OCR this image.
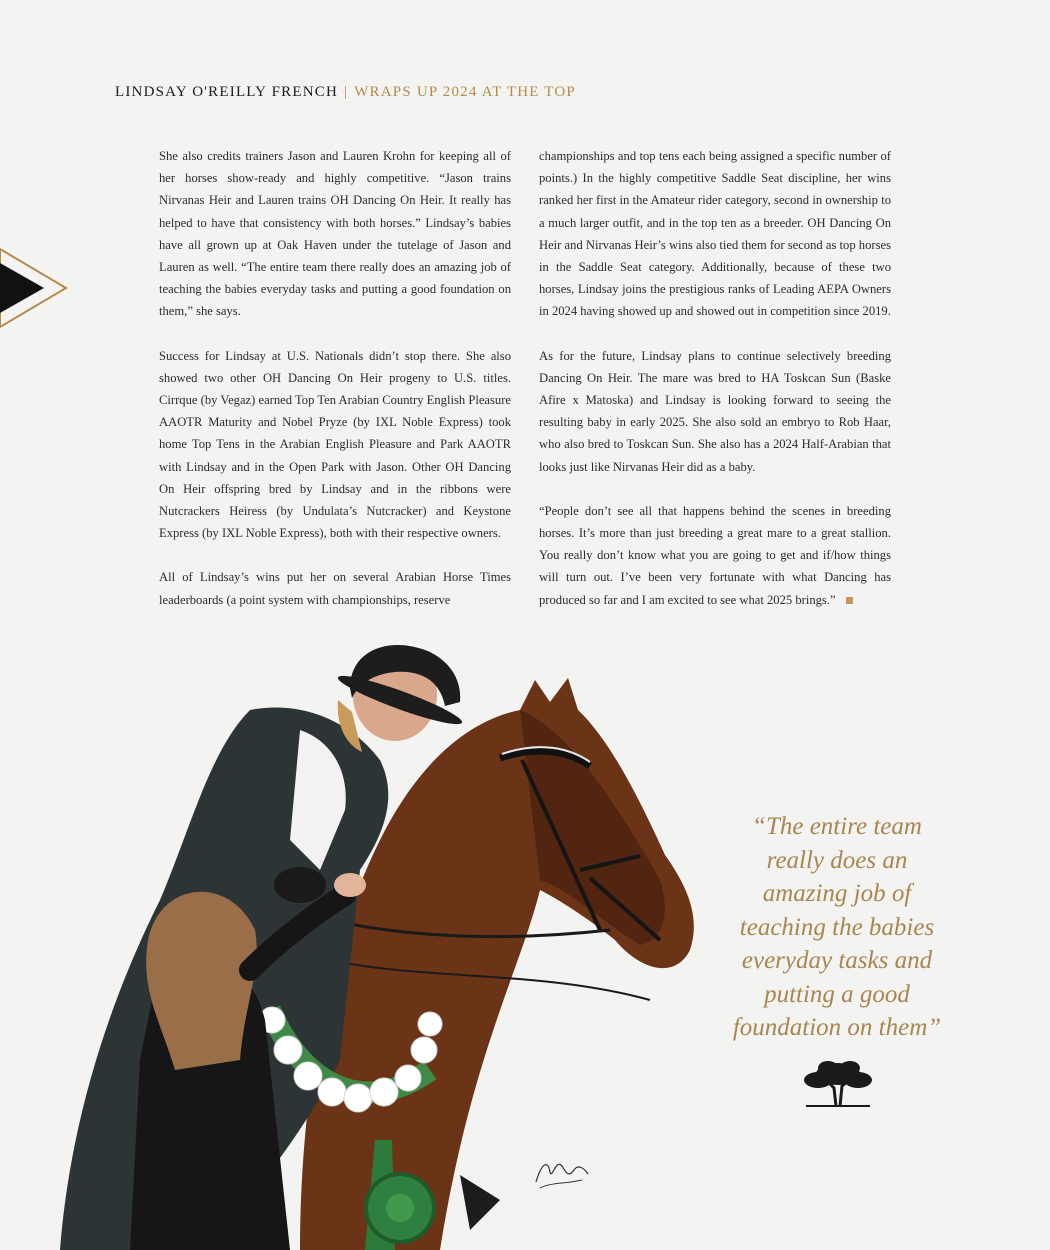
LINDSAY O'REILLY FRENCH | WRAPS UP 2024 AT THE TOP

She also credits trainers Jason and Lauren Krohn for keeping all of her horses show-ready and highly competitive. “Jason trains Nirvanas Heir and Lauren trains OH Dancing On Heir. It really has helped to have that consistency with both horses.” Lindsay’s babies have all grown up at Oak Haven under the tutelage of Jason and Lauren as well. “The entire team there really does an amazing job of teaching the babies everyday tasks and putting a good foundation on them,” she says.

Success for Lindsay at U.S. Nationals didn’t stop there. She also showed two other OH Dancing On Heir progeny to U.S. titles. Cirrque (by Vegaz) earned Top Ten Arabian Country English Pleasure AAOTR Maturity and Nobel Pryze (by IXL Noble Express) took home Top Tens in the Arabian English Pleasure and Park AAOTR with Lindsay and in the Open Park with Jason. Other OH Dancing On Heir offspring bred by Lindsay and in the ribbons were Nutcrackers Heiress (by Undulata’s Nutcracker) and Keystone Express (by IXL Noble Express), both with their respective owners.

All of Lindsay’s wins put her on several Arabian Horse Times leaderboards (a point system with championships, reserve

championships and top tens each being assigned a specific number of points.) In the highly competitive Saddle Seat discipline, her wins ranked her first in the Amateur rider category, second in ownership to a much larger outfit, and in the top ten as a breeder. OH Dancing On Heir and Nirvanas Heir’s wins also tied them for second as top horses in the Saddle Seat category. Additionally, because of these two horses, Lindsay joins the prestigious ranks of Leading AEPA Owners in 2024 having showed up and showed out in competition since 2019.

As for the future, Lindsay plans to continue selectively breeding Dancing On Heir. The mare was bred to HA Toskcan Sun (Baske Afire x Matoska) and Lindsay is looking forward to seeing the resulting baby in early 2025. She also sold an embryo to Rob Haar, who also bred to Toskcan Sun. She also has a 2024 Half-Arabian that looks just like Nirvanas Heir did as a baby.

“People don’t see all that happens behind the scenes in breeding horses. It’s more than just breeding a great mare to a great stallion. You really don’t know what you are going to get and if/how things will turn out. I’ve been very fortunate with what Dancing has produced so far and I am excited to see what 2025 brings.”

“The entire team
really does an
amazing job of
teaching the babies
everyday tasks and
putting a good
foundation on them”
